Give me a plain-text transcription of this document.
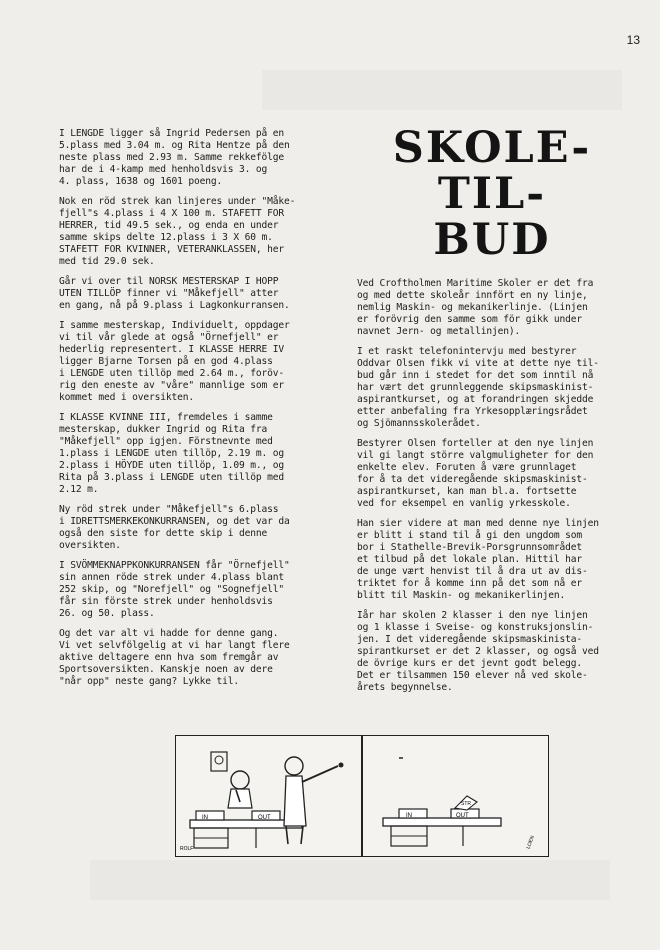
13

I LENGDE ligger så Ingrid Pedersen på en
5.plass med 3.04 m. og Rita Hentze på den
neste plass med 2.93 m. Samme rekkefölge
har de i 4-kamp med henholdsvis 3. og
4. plass, 1638 og 1601 poeng.

Nok en röd strek kan linjeres under "Måke-
fjell"s 4.plass i 4 X 100 m. STAFETT FOR
HERRER, tid 49.5 sek., og enda en under
samme skips delte 12.plass i 3 X 60 m.
STAFETT FOR KVINNER, VETERANKLASSEN, her
med tid 29.0 sek.

Går vi over til NORSK MESTERSKAP I HOPP
UTEN TILLÖP finner vi "Måkefjell" atter
en gang, nå på 9.plass i Lagkonkurransen.

I samme mesterskap, Individuelt, oppdager
vi til vår glede at også "Örnefjell" er
hederlig representert. I KLASSE HERRE IV
ligger Bjarne Torsen på en god 4.plass
i LENGDE uten tillöp med 2.64 m., foröv-
rig den eneste av "våre" mannlige som er
kommet med i oversikten.

I KLASSE KVINNE III, fremdeles i samme
mesterskap, dukker Ingrid og Rita fra
"Måkefjell" opp igjen. Förstnevnte med
1.plass i LENGDE uten tillöp, 2.19 m. og
2.plass i HÖYDE uten tillöp, 1.09 m., og
Rita på 3.plass i LENGDE uten tillöp med
2.12 m.

Ny röd strek under "Måkefjell"s 6.plass
i IDRETTSMERKEKONKURRANSEN, og det var da
også den siste for dette skip i denne
oversikten.

I SVÖMMEKNAPPKONKURRANSEN får "Örnefjell"
sin annen röde strek under 4.plass blant
252 skip, og "Norefjell" og "Sognefjell"
får sin förste strek under henholdsvis
26. og 50. plass.

Og det var alt vi hadde for denne gang.
Vi vet selvfölgelig at vi har langt flere
aktive deltagere enn hva som fremgår av
Sportsoversikten. Kanskje noen av dere
"når opp" neste gang? Lykke til.

SKOLE-
TIL-
BUD

Ved Croftholmen Maritime Skoler er det fra
og med dette skoleår innfört en ny linje,
nemlig Maskin- og mekanikerlinje. (Linjen
er forövrig den samme som för gikk under
navnet Jern- og metallinjen).

I et raskt telefonintervju med bestyrer
Oddvar Olsen fikk vi vite at dette nye til-
bud går inn i stedet for det som inntil nå
har vært det grunnleggende skipsmaskinist-
aspirantkurset, og at forandringen skjedde
etter anbefaling fra Yrkesopplæringsrådet
og Sjömannsskolerådet.

Bestyrer Olsen forteller at den nye linjen
vil gi langt större valgmuligheter for den
enkelte elev. Foruten å være grunnlaget
for å ta det videregående skipsmaskinist-
aspirantkurset, kan man bl.a. fortsette
ved for eksempel en vanlig yrkesskole.

Han sier videre at man med denne nye linjen
er blitt i stand til å gi den ungdom som
bor i Stathelle-Brevik-Porsgrunnsområdet
et tilbud på det lokale plan. Hittil har
de unge vært henvist til å dra ut av dis-
triktet for å komme inn på det som nå er
blitt til Maskin- og mekanikerlinjen.

Iår har skolen 2 klasser i den nye linjen
og 1 klasse i Sveise- og konstruksjonslin-
jen. I det videregående skipsmaskinista-
spirantkurset er det 2 klasser, og også ved
de övrige kurs er det jevnt godt belegg.
Det er tilsammen 150 elever nå ved skole-
årets begynnelse.

IN	OUT
ROLF
IN	OUT
STR
LOEN
